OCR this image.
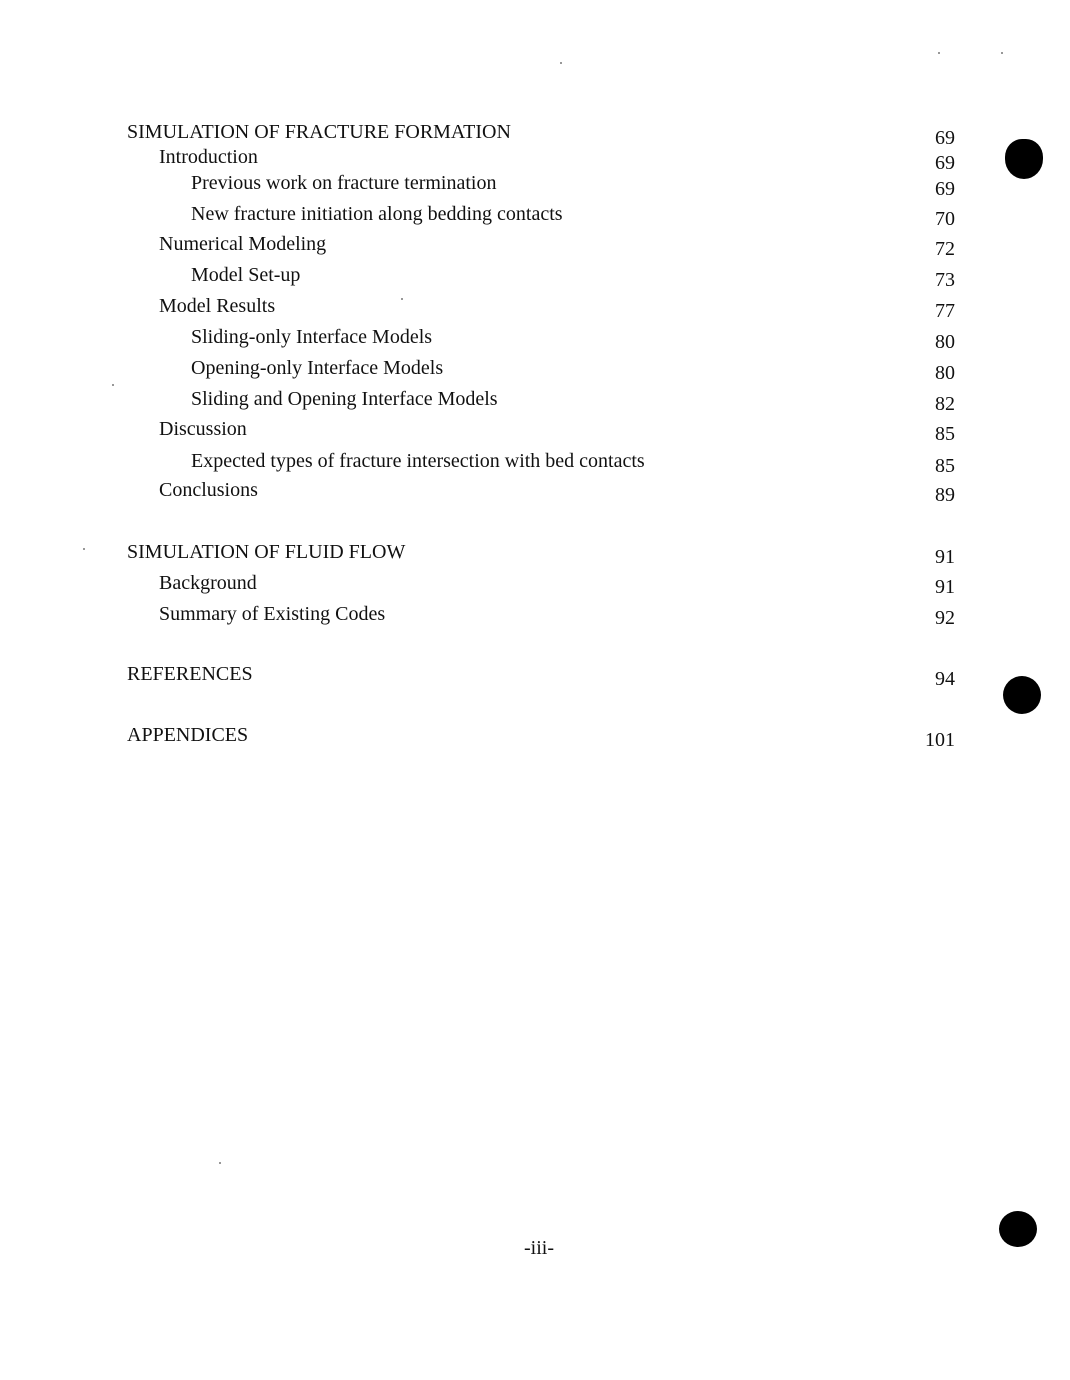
SIMULATION OF FRACTURE FORMATION	69
Introduction	69
Previous work on fracture termination	69
New fracture initiation along bedding contacts	70
Numerical Modeling	72
Model Set-up	73
Model Results	77
Sliding-only Interface Models	80
Opening-only Interface Models	80
Sliding and Opening Interface Models	82
Discussion	85
Expected types of fracture intersection with bed contacts	85
Conclusions	89
SIMULATION OF FLUID FLOW	91
Background	91
Summary of Existing Codes	92
REFERENCES	94
APPENDICES	101
-iii-
